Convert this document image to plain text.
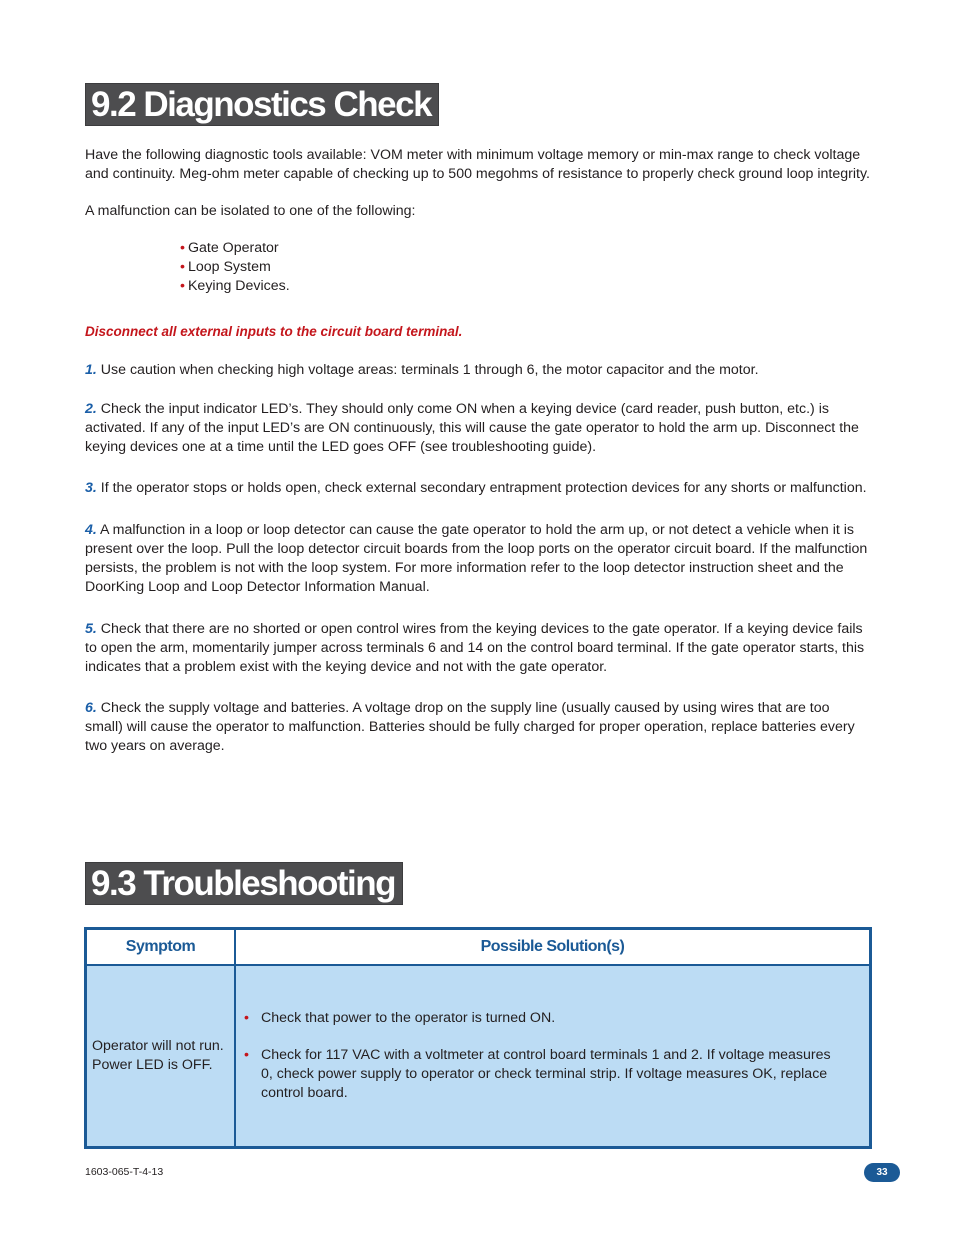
9.2 Diagnostics Check
Have the following diagnostic tools available: VOM meter with minimum voltage memory or min-max range to check voltage and continuity. Meg-ohm meter capable of checking up to 500 megohms of resistance to properly check ground loop integrity.
A malfunction can be isolated to one of the following:
• Gate Operator
• Loop System
• Keying Devices.
Disconnect all external inputs to the circuit board terminal.
1. Use caution when checking high voltage areas: terminals 1 through 6, the motor capacitor and the motor.
2. Check the input indicator LED’s. They should only come ON when a keying device (card reader, push button, etc.) is activated. If any of the input LED’s are ON continuously, this will cause the gate operator to hold the arm up. Disconnect the keying devices one at a time until the LED goes OFF (see troubleshooting guide).
3. If the operator stops or holds open, check external secondary entrapment protection devices for any shorts or malfunction.
4. A malfunction in a loop or loop detector can cause the gate operator to hold the arm up, or not detect a vehicle when it is present over the loop. Pull the loop detector circuit boards from the loop ports on the operator circuit board. If the malfunction persists, the problem is not with the loop system. For more information refer to the loop detector instruction sheet and the DoorKing Loop and Loop Detector Information Manual.
5. Check that there are no shorted or open control wires from the keying devices to the gate operator. If a keying device fails to open the arm, momentarily jumper across terminals 6 and 14 on the control board terminal. If the gate operator starts, this indicates that a problem exist with the keying device and not with the gate operator.
6. Check the supply voltage and batteries. A voltage drop on the supply line (usually caused by using wires that are too small) will cause the operator to malfunction. Batteries should be fully charged for proper operation, replace batteries every two years on average.
9.3 Troubleshooting
Symptom	Possible Solution(s)
Operator will not run. Power LED is OFF.	• Check that power to the operator is turned ON.
• Check for 117 VAC with a voltmeter at control board terminals 1 and 2. If voltage measures 0, check power supply to operator or check terminal strip. If voltage measures OK, replace control board.
1603-065-T-4-13	33
